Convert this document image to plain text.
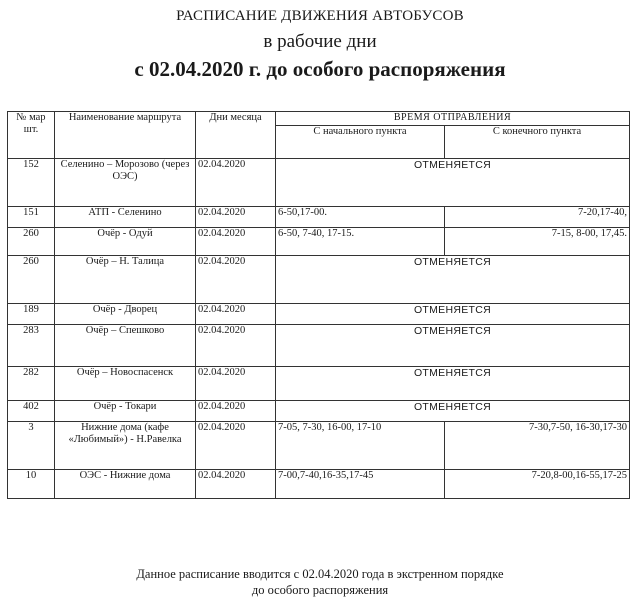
РАСПИСАНИЕ ДВИЖЕНИЯ АВТОБУСОВ
в рабочие дни
с 02.04.2020 г. до особого распоряжения
№ мар шт.	Наименование маршрута	Дни месяца	ВРЕМЯ ОТПРАВЛЕНИЯ	
			С начального пункта	С конечного пункта
152	Селенино – Морозово (через ОЭС)	02.04.2020	ОТМЕНЯЕТСЯ	
151	АТП - Селенино	02.04.2020	6-50,17-00.	7-20,17-40,
260	Очёр - Одуй	02.04.2020	6-50, 7-40, 17-15.	7-15, 8-00, 17,45.
260	Очёр – Н. Талица	02.04.2020	ОТМЕНЯЕТСЯ	
189	Очёр - Дворец	02.04.2020	ОТМЕНЯЕТСЯ	
283	Очёр – Спешково	02.04.2020	ОТМЕНЯЕТСЯ	
282	Очёр – Новоспасенск	02.04.2020	ОТМЕНЯЕТСЯ	
402	Очёр - Токари	02.04.2020	ОТМЕНЯЕТСЯ	
3	Нижние дома (кафе «Любимый») - Н.Равелка	02.04.2020	7-05, 7-30, 16-00, 17-10	7-30,7-50, 16-30,17-30
10	ОЭС - Нижние дома	02.04.2020	7-00,7-40,16-35,17-45	7-20,8-00,16-55,17-25
Данное расписание вводится с 02.04.2020 года в экстренном порядке
до особого распоряжения
